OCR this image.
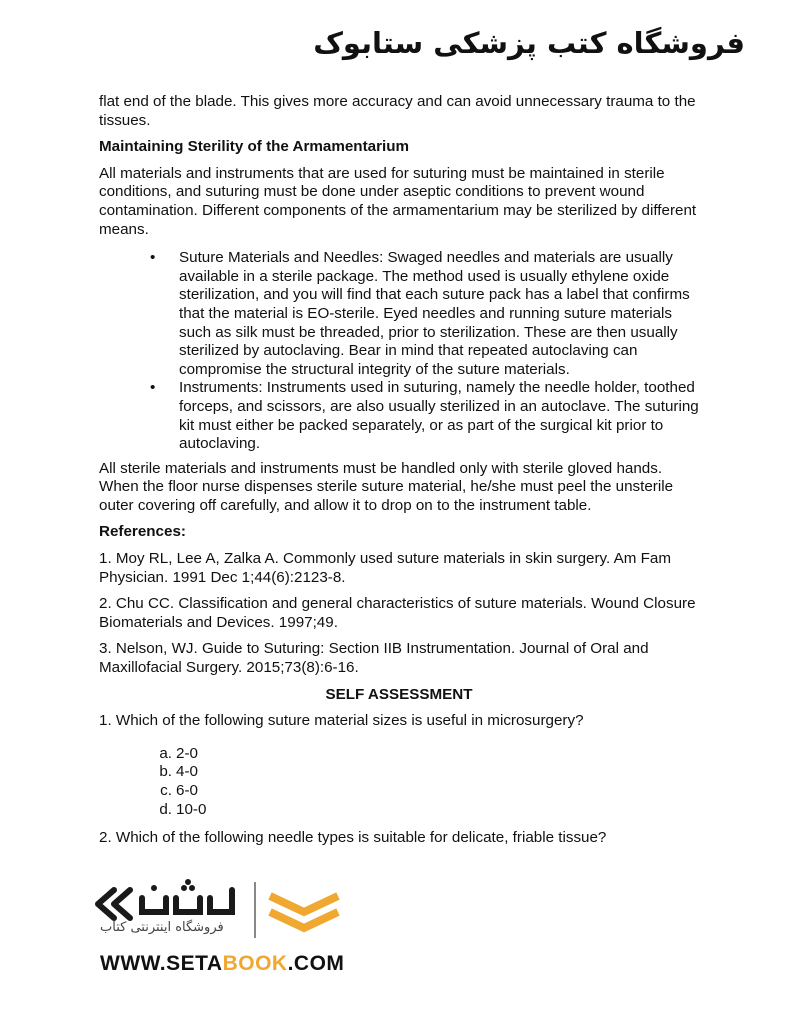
فروشگاه کتب پزشکی ستابوک

flat end of the blade. This gives more accuracy and can avoid unnecessary trauma to the tissues.

Maintaining Sterility of the Armamentarium

All materials and instruments that are used for suturing must be maintained in sterile conditions, and suturing must be done under aseptic conditions to prevent wound contamination. Different components of the armamentarium may be sterilized by different means.

• Suture Materials and Needles: Swaged needles and materials are usually available in a sterile package. The method used is usually ethylene oxide sterilization, and you will find that each suture pack has a label that confirms that the material is EO-sterile. Eyed needles and running suture materials such as silk must be threaded, prior to sterilization. These are then usually sterilized by autoclaving. Bear in mind that repeated autoclaving can compromise the structural integrity of the suture materials.
• Instruments: Instruments used in suturing, namely the needle holder, toothed forceps, and scissors, are also usually sterilized in an autoclave. The suturing kit must either be packed separately, or as part of the surgical kit prior to autoclaving.

All sterile materials and instruments must be handled only with sterile gloved hands. When the floor nurse dispenses sterile suture material, he/she must peel the unsterile outer covering off carefully, and allow it to drop on to the instrument table.

References:

1. Moy RL, Lee A, Zalka A. Commonly used suture materials in skin surgery. Am Fam Physician. 1991 Dec 1;44(6):2123-8.

2. Chu CC. Classification and general characteristics of suture materials. Wound Closure Biomaterials and Devices. 1997;49.

3. Nelson, WJ. Guide to Suturing: Section IIB Instrumentation. Journal of Oral and Maxillofacial Surgery. 2015;73(8):6-16.

SELF ASSESSMENT

1. Which of the following suture material sizes is useful in microsurgery?

a. 2-0
b. 4-0
c. 6-0
d. 10-0

2. Which of the following needle types is suitable for delicate, friable tissue?

فروشگاه اینترنتی کتاب
WWW.SETABOOK.COM
